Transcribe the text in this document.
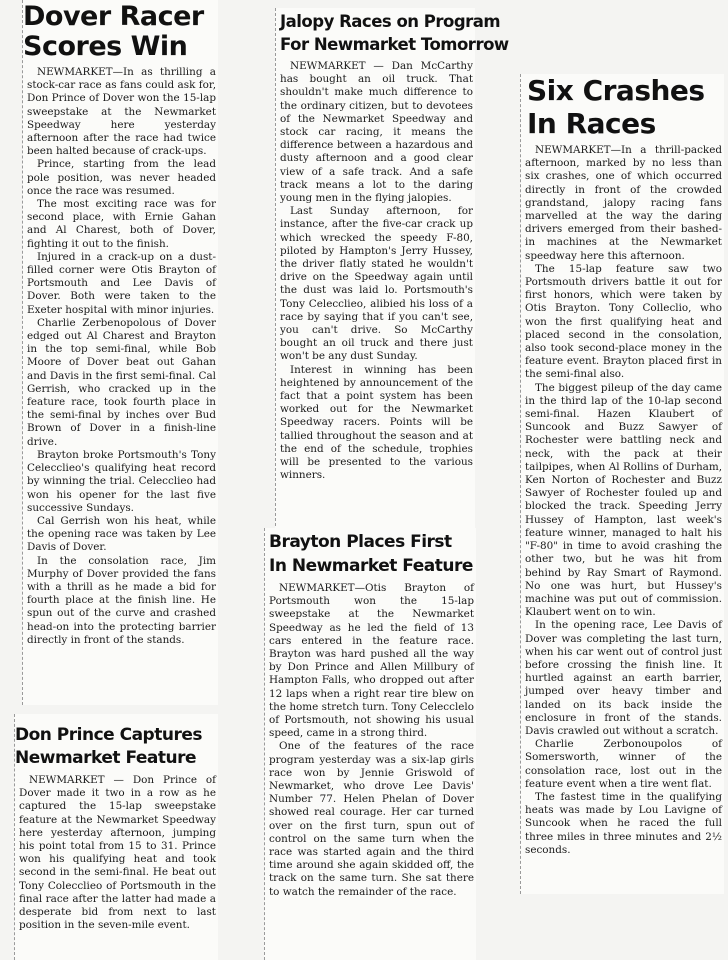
Dover Racer
Scores Win

NEWMARKET—In as thrilling a stock-car race as fans could ask for, Don Prince of Dover won the 15-lap sweepstake at the Newmarket Speedway here yesterday afternoon after the race had twice been halted because of crack-ups.

Prince, starting from the lead pole position, was never headed once the race was resumed.

The most exciting race was for second place, with Ernie Gahan and Al Charest, both of Dover, fighting it out to the finish.

Injured in a crack-up on a dust-filled corner were Otis Brayton of Portsmouth and Lee Davis of Dover. Both were taken to the Exeter hospital with minor injuries.

Charlie Zerbenopolous of Dover edged out Al Charest and Brayton in the top semi-final, while Bob Moore of Dover beat out Gahan and Davis in the first semi-final. Cal Gerrish, who cracked up in the feature race, took fourth place in the semi-final by inches over Bud Brown of Dover in a finish-line drive.

Brayton broke Portsmouth's Tony Celecclieo's qualifying heat record by winning the trial. Celecclieo had won his opener for the last five successive Sundays.

Cal Gerrish won his heat, while the opening race was taken by Lee Davis of Dover.

In the consolation race, Jim Murphy of Dover provided the fans with a thrill as he made a bid for fourth place at the finish line. He spun out of the curve and crashed head-on into the protecting barrier directly in front of the stands.

Don Prince Captures
Newmarket Feature

NEWMARKET — Don Prince of Dover made it two in a row as he captured the 15-lap sweepstake feature at the Newmarket Speedway here yesterday afternoon, jumping his point total from 15 to 31. Prince won his qualifying heat and took second in the semi-final. He beat out Tony Colecclieo of Portsmouth in the final race after the latter had made a desperate bid from next to last position in the seven-mile event.

Jalopy Races on Program
For Newmarket Tomorrow

NEWMARKET — Dan McCarthy has bought an oil truck. That shouldn't make much difference to the ordinary citizen, but to devotees of the Newmarket Speedway and stock car racing, it means the difference between a hazardous and dusty afternoon and a good clear view of a safe track. And a safe track means a lot to the daring young men in the flying jalopies.

Last Sunday afternoon, for instance, after the five-car crack up which wrecked the speedy F-80, piloted by Hampton's Jerry Hussey, the driver flatly stated he wouldn't drive on the Speedway again until the dust was laid lo. Portsmouth's Tony Celecclieo, alibied his loss of a race by saying that if you can't see, you can't drive. So McCarthy bought an oil truck and there just won't be any dust Sunday.

Interest in winning has been heightened by announcement of the fact that a point system has been worked out for the Newmarket Speedway racers. Points will be tallied throughout the season and at the end of the schedule, trophies will be presented to the various winners.

Brayton Places First
In Newmarket Feature

NEWMARKET—Otis Brayton of Portsmouth won the 15-lap sweepstake at the Newmarket Speedway as he led the field of 13 cars entered in the feature race. Brayton was hard pushed all the way by Don Prince and Allen Millbury of Hampton Falls, who dropped out after 12 laps when a right rear tire blew on the home stretch turn. Tony Celecclelo of Portsmouth, not showing his usual speed, came in a strong third.

One of the features of the race program yesterday was a six-lap girls race won by Jennie Griswold of Newmarket, who drove Lee Davis' Number 77. Helen Phelan of Dover showed real courage. Her car turned over on the first turn, spun out of control on the same turn when the race was started again and the third time around she again skidded off, the track on the same turn. She sat there to watch the remainder of the race.

Six Crashes
In Races

NEWMARKET—In a thrill-packed afternoon, marked by no less than six crashes, one of which occurred directly in front of the crowded grandstand, jalopy racing fans marvelled at the way the daring drivers emerged from their bashed-in machines at the Newmarket speedway here this afternoon.

The 15-lap feature saw two Portsmouth drivers battle it out for first honors, which were taken by Otis Brayton. Tony Colleclio, who won the first qualifying heat and placed second in the consolation, also took second-place money in the feature event. Brayton placed first in the semi-final also.

The biggest pileup of the day came in the third lap of the 10-lap second semi-final. Hazen Klaubert of Suncook and Buzz Sawyer of Rochester were battling neck and neck, with the pack at their tailpipes, when Al Rollins of Durham, Ken Norton of Rochester and Buzz Sawyer of Rochester fouled up and blocked the track. Speeding Jerry Hussey of Hampton, last week's feature winner, managed to halt his "F-80" in time to avoid crashing the other two, but he was hit from behind by Ray Smart of Raymond. No one was hurt, but Hussey's machine was put out of commission. Klaubert went on to win.

In the opening race, Lee Davis of Dover was completing the last turn, when his car went out of control just before crossing the finish line. It hurtled against an earth barrier, jumped over heavy timber and landed on its back inside the enclosure in front of the stands. Davis crawled out without a scratch.

Charlie Zerbonoupolos of Somersworth, winner of the consolation race, lost out in the feature event when a tire went flat.

The fastest time in the qualifying heats was made by Lou Lavigne of Suncook when he raced the full three miles in three minutes and 2½ seconds.
